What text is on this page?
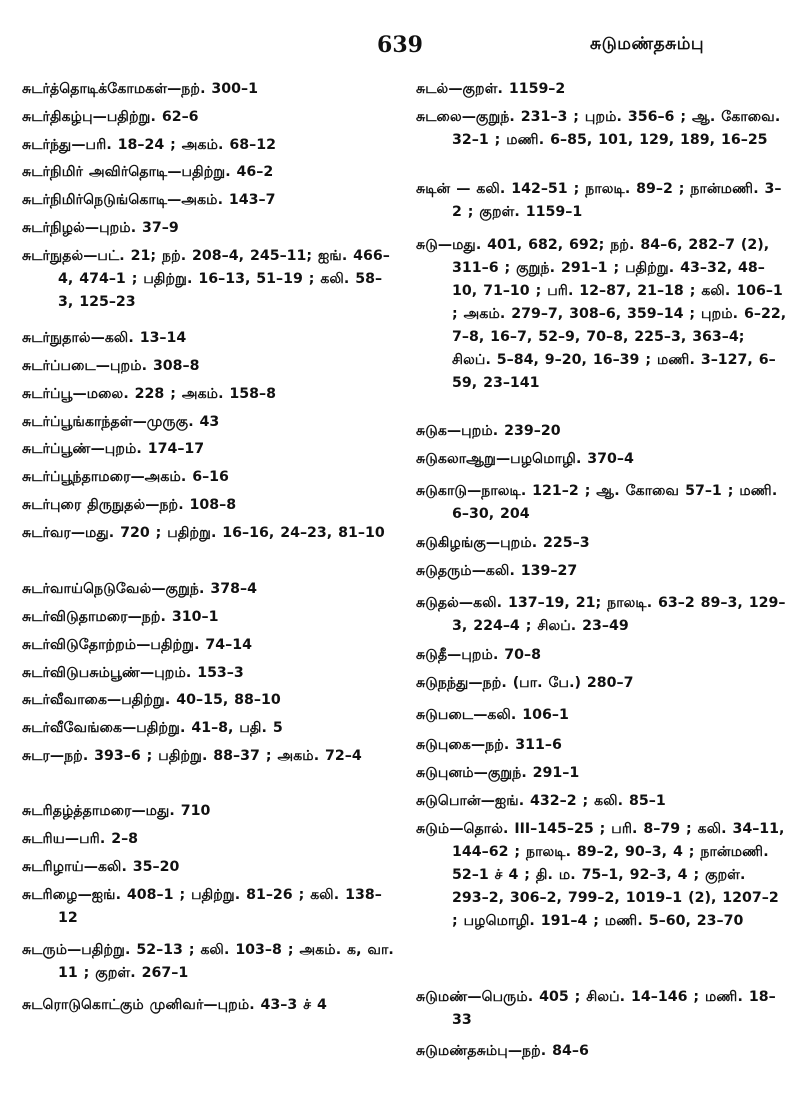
639	சுடுமண்தசும்பு
சுடர்த்தொடிக்கோமகள்—நற். 300–1
சுடர்திகழ்பு—பதிற்று. 62–6
சுடர்ந்து—பரி. 18–24 ; அகம். 68–12
சுடர்நிமிர் அவிர்தொடி—பதிற்று. 46–2
சுடர்நிமிர்நெடுங்கொடி—அகம். 143–7
சுடர்நிழல்—புறம். 37–9
சுடர்நுதல்—பட். 21; நற். 208–4, 245–11; ஐங். 466–4, 474–1 ; பதிற்று. 16–13, 51–19 ; கலி. 58–3, 125–23
சுடர்நுதால்—கலி. 13–14
சுடர்ப்படை—புறம். 308–8
சுடர்ப்பூ—மலை. 228 ; அகம். 158–8
சுடர்ப்பூங்காந்தள்—முருகு. 43
சுடர்ப்பூண்—புறம். 174–17
சுடர்ப்பூந்தாமரை—அகம். 6–16
சுடர்புரை திருநுதல்—நற். 108–8
சுடர்வர—மது. 720 ; பதிற்று. 16–16, 24–23, 81–10
சுடர்வாய்நெடுவேல்—குறுந். 378–4
சுடர்விடுதாமரை—நற். 310–1
சுடர்விடுதோற்றம்—பதிற்று. 74–14
சுடர்விடுபசும்பூண்—புறம். 153–3
சுடர்வீவாகை—பதிற்று. 40–15, 88–10
சுடர்வீவேங்கை—பதிற்று. 41–8, பதி. 5
சுடர—நற். 393–6 ; பதிற்று. 88–37 ; அகம். 72–4
சுடரிதழ்த்தாமரை—மது. 710
சுடரிய—பரி. 2–8
சுடரிழாய்—கலி. 35–20
சுடரிழை—ஐங். 408–1 ; பதிற்று. 81–26 ; கலி. 138–12
சுடரும்—பதிற்று. 52–13 ; கலி. 103–8 ; அகம். க, வா. 11 ; குறள். 267–1
சுடரொடுகொட்கும் முனிவர்—புறம். 43–3 ச் 4
சுடல்—குறள். 1159–2
சுடலை—குறுந். 231–3 ; புறம். 356–6 ; ஆ. கோவை. 32–1 ; மணி. 6–85, 101, 129, 189, 16–25
சுடின் — கலி. 142–51 ; நாலடி. 89–2 ; நான்மணி. 3–2 ; குறள். 1159–1
சுடு—மது. 401, 682, 692; நற். 84–6, 282–7 (2), 311–6 ; குறுந். 291–1 ; பதிற்று. 43–32, 48–10, 71–10 ; பரி. 12–87, 21–18 ; கலி. 106–1 ; அகம். 279–7, 308–6, 359–14 ; புறம். 6–22, 7–8, 16–7, 52–9, 70–8, 225–3, 363–4; சிலப். 5–84, 9–20, 16–39 ; மணி. 3–127, 6–59, 23–141
சுடுக—புறம். 239–20
சுடுகலாஆறு—பழமொழி. 370–4
சுடுகாடு—நாலடி. 121–2 ; ஆ. கோவை 57–1 ; மணி. 6–30, 204
சுடுகிழங்கு—புறம். 225–3
சுடுதரும்—கலி. 139–27
சுடுதல்—கலி. 137–19, 21; நாலடி. 63–2 89–3, 129–3, 224–4 ; சிலப். 23–49
சுடுதீ—புறம். 70–8
சுடுநந்து—நற். (பா. பே.) 280–7
சுடுபடை—கலி. 106–1
சுடுபுகை—நற். 311–6
சுடுபுனம்—குறுந். 291–1
சுடுபொன்—ஐங். 432–2 ; கலி. 85–1
சுடும்—தொல். III–145–25 ; பரி. 8–79 ; கலி. 34–11, 144–62 ; நாலடி. 89–2, 90–3, 4 ; நான்மணி. 52–1 ச் 4 ; தி. ம. 75–1, 92–3, 4 ; குறள். 293–2, 306–2, 799–2, 1019–1 (2), 1207–2 ; பழமொழி. 191–4 ; மணி. 5–60, 23–70
சுடுமண்—பெரும். 405 ; சிலப். 14–146 ; மணி. 18–33
சுடுமண்தசும்பு—நற். 84–6
